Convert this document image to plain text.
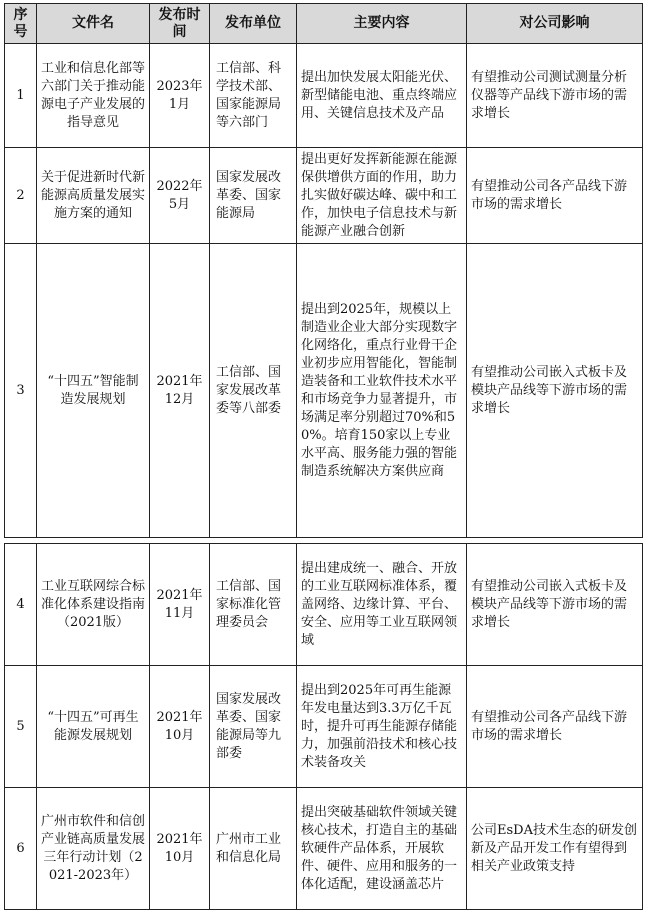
序号	文件名	发布时间	发布单位	主要内容	对公司影响
1	工业和信息化部等六部门关于推动能源电子产业发展的指导意见	2023年1月	工信部、科学技术部、国家能源局等六部门	提出加快发展太阳能光伏、新型储能电池、重点终端应用、关键信息技术及产品	有望推动公司测试测量分析仪器等产品线下游市场的需求增长
2	关于促进新时代新能源高质量发展实施方案的通知	2022年5月	国家发展改革委、国家能源局	提出更好发挥新能源在能源保供增供方面的作用，助力扎实做好碳达峰、碳中和工作，加快电子信息技术与新能源产业融合创新	有望推动公司各产品线下游市场的需求增长
3	“十四五”智能制造发展规划	2021年12月	工信部、国家发展改革委等八部委	提出到2025年，规模以上制造业企业大部分实现数字化网络化，重点行业骨干企业初步应用智能化，智能制造装备和工业软件技术水平和市场竞争力显著提升，市场满足率分别超过70%和50%。培育150家以上专业水平高、服务能力强的智能制造系统解决方案供应商	有望推动公司嵌入式板卡及模块产品线等下游市场的需求增长
4	工业互联网综合标准化体系建设指南（2021版）	2021年11月	工信部、国家标准化管理委员会	提出建成统一、融合、开放的工业互联网标准体系，覆盖网络、边缘计算、平台、安全、应用等工业互联网领域	有望推动公司嵌入式板卡及模块产品线等下游市场的需求增长
5	“十四五”可再生能源发展规划	2021年10月	国家发展改革委、国家能源局等九部委	提出到2025年可再生能源年发电量达到3.3万亿千瓦时，提升可再生能源存储能力，加强前沿技术和核心技术装备攻关	有望推动公司各产品线下游市场的需求增长
6	广州市软件和信创产业链高质量发展三年行动计划（2021-2023年）	2021年10月	广州市工业和信息化局	提出突破基础软件领域关键核心技术，打造自主的基础软硬件产品体系，开展软件、硬件、应用和服务的一体化适配，建设涵盖芯片	公司EsDA技术生态的研发创新及产品开发工作有望得到相关产业政策支持
